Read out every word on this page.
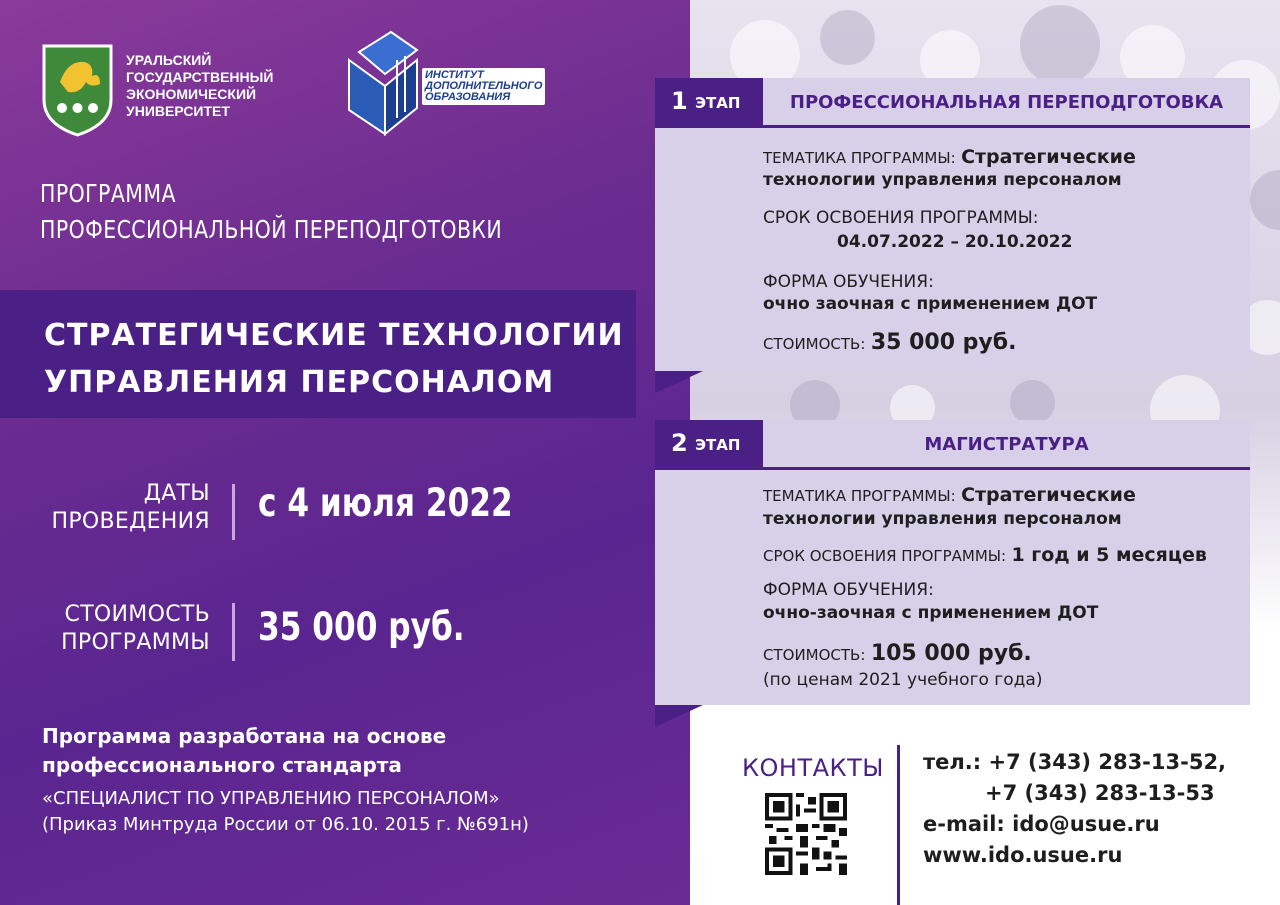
УРАЛЬСКИЙ
ГОСУДАРСТВЕННЫЙ
ЭКОНОМИЧЕСКИЙ
УНИВЕРСИТЕТ
ИНСТИТУТ
ДОПОЛНИТЕЛЬНОГО
ОБРАЗОВАНИЯ
ПРОГРАММА
ПРОФЕССИОНАЛЬНОЙ ПЕРЕПОДГОТОВКИ
СТРАТЕГИЧЕСКИЕ ТЕХНОЛОГИИ
УПРАВЛЕНИЯ ПЕРСОНАЛОМ
ДАТЫ
ПРОВЕДЕНИЯ с 4 июля 2022
СТОИМОСТЬ
ПРОГРАММЫ 35 000 руб.
Программа разработана на основе
профессионального стандарта
«СПЕЦИАЛИСТ ПО УПРАВЛЕНИЮ ПЕРСОНАЛОМ»
(Приказ Минтруда России от 06.10. 2015 г. №691н)
1 ЭТАП	ПРОФЕССИОНАЛЬНАЯ ПЕРЕПОДГОТОВКА
ТЕМАТИКА ПРОГРАММЫ: Стратегические
технологии управления персоналом
СРОК ОСВОЕНИЯ ПРОГРАММЫ:
04.07.2022 – 20.10.2022
ФОРМА ОБУЧЕНИЯ:
очно заочная с применением ДОТ
СТОИМОСТЬ: 35 000 руб.
2 ЭТАП	МАГИСТРАТУРА
ТЕМАТИКА ПРОГРАММЫ: Стратегические
технологии управления персоналом
СРОК ОСВОЕНИЯ ПРОГРАММЫ: 1 год и 5 месяцев
ФОРМА ОБУЧЕНИЯ:
очно-заочная с применением ДОТ
СТОИМОСТЬ: 105 000 руб.
(по ценам 2021 учебного года)
КОНТАКТЫ тел.: +7 (343) 283-13-52,
+7 (343) 283-13-53
e-mail: ido@usue.ru
www.ido.usue.ru
